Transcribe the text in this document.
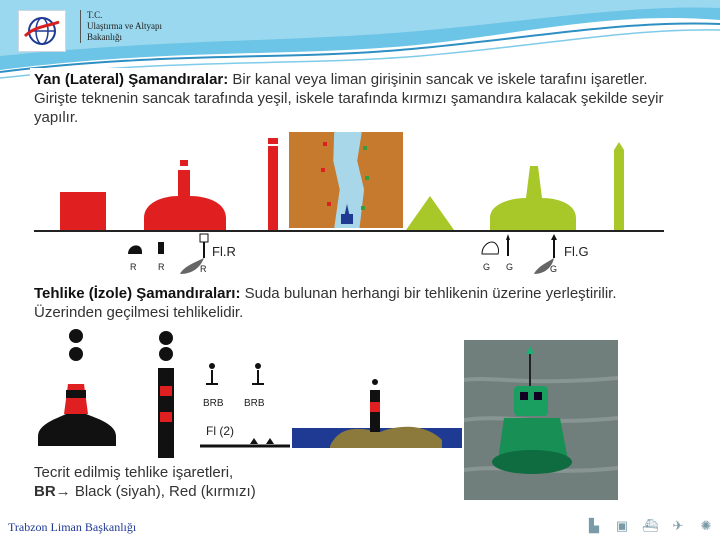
T.C.
Ulaştırma ve Altyapı
Bakanlığı

Yan (Lateral) Şamandıralar: Bir kanal veya liman girişinin sancak ve iskele tarafını işaretler. Girişte teknenin sancak tarafında yeşil, iskele tarafında kırmızı şamandıra kalacak şekilde seyir yapılır.

R R	R
Fl.R
G G	G
Fl.G

Tehlike (İzole) Şamandıraları: Suda bulunan herhangi bir tehlikenin üzerine yerleştirilir. Üzerinden geçilmesi tehlikelidir.

BRB BRB
Fl (2)
Tecrit edilmiş tehlike işaretleri,
BR→ Black (siyah), Red (kırmızı)
Trabzon Liman Başkanlığı	▙ ▣ ⛴ ✈ ✺
